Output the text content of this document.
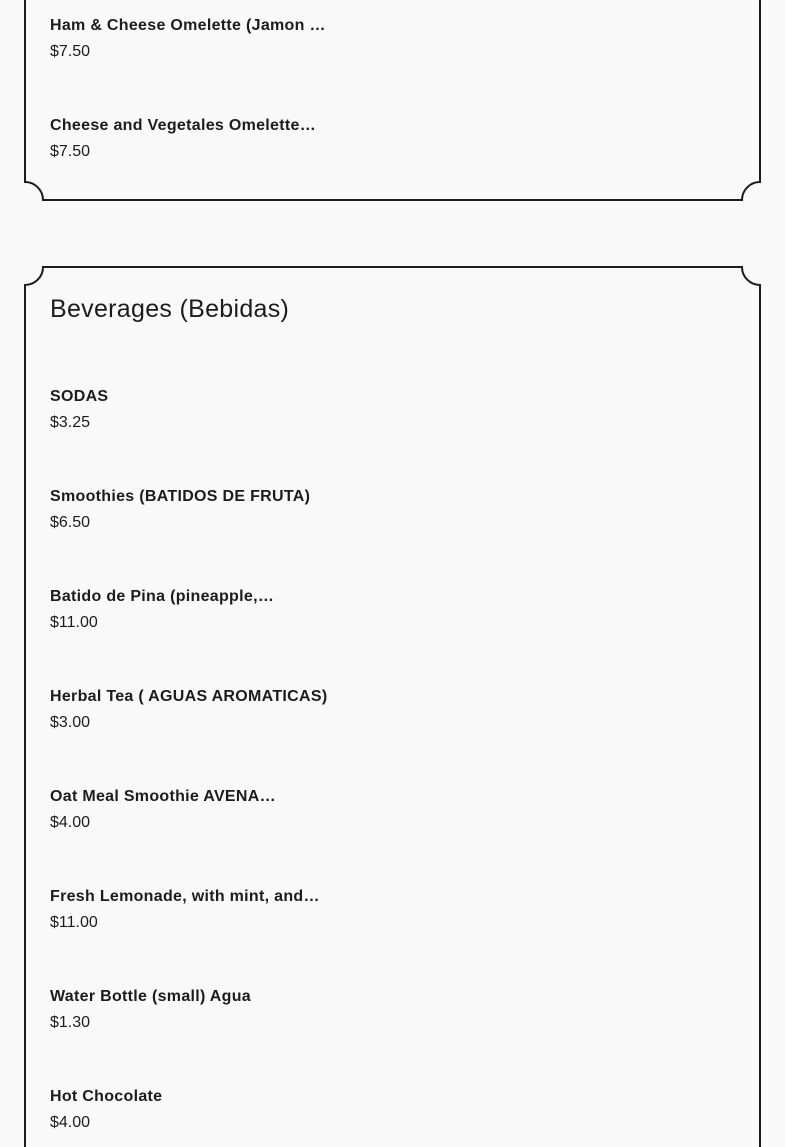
Ham & Cheese Omelette (Jamon …
$7.50
Cheese and Vegetales Omelette…
$7.50
Beverages (Bebidas)
SODAS
$3.25
Smoothies (BATIDOS DE FRUTA)
$6.50
Batido de Pina (pineapple,…
$11.00
Herbal Tea ( AGUAS AROMATICAS)
$3.00
Oat Meal Smoothie AVENA…
$4.00
Fresh Lemonade, with mint, and…
$11.00
Water Bottle (small) Agua
$1.30
Hot Chocolate
$4.00
